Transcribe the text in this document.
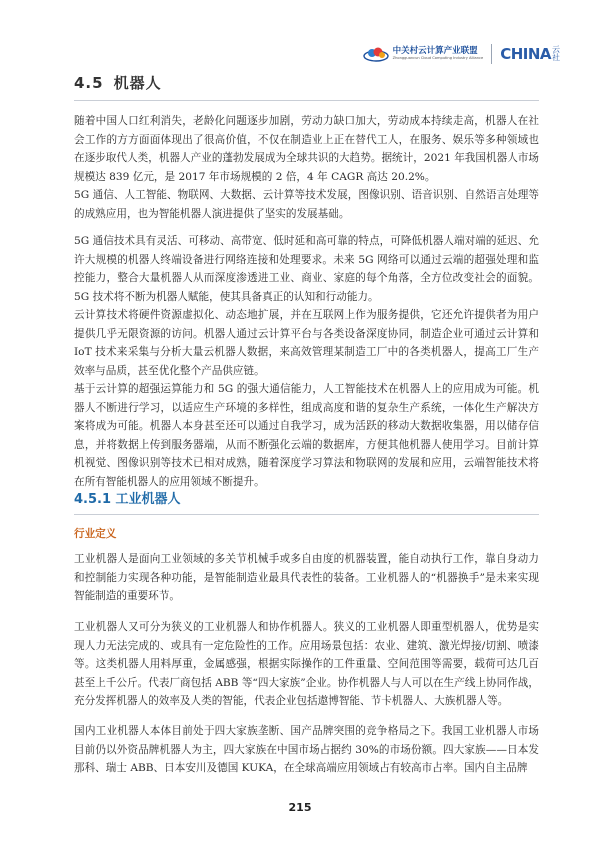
中关村云计算产业联盟
Zhongguancun Cloud Computing Industry Alliance CHINA 云社
4.5 机器人

随着中国人口红利消失，老龄化问题逐步加剧，劳动力缺口加大，劳动成本持续走高，机器人在社会工作的方方面面体现出了很高价值，不仅在制造业上正在替代工人，在服务、娱乐等多种领域也在逐步取代人类，机器人产业的蓬勃发展成为全球共识的大趋势。据统计，2021 年我国机器人市场规模达 839 亿元，是 2017 年市场规模的 2 倍，4 年 CAGR 高达 20.2%。

5G 通信、人工智能、物联网、大数据、云计算等技术发展，图像识别、语音识别、自然语言处理等的成熟应用，也为智能机器人演进提供了坚实的发展基础。

5G 通信技术具有灵活、可移动、高带宽、低时延和高可靠的特点，可降低机器人端对端的延迟、允许大规模的机器人终端设备进行网络连接和处理要求。未来 5G 网络可以通过云端的超强处理和监控能力，整合大量机器人从而深度渗透进工业、商业、家庭的每个角落，全方位改变社会的面貌。5G 技术将不断为机器人赋能，使其具备真正的认知和行动能力。

云计算技术将硬件资源虚拟化、动态地扩展，并在互联网上作为服务提供，它还允许提供者为用户提供几乎无限资源的访问。机器人通过云计算平台与各类设备深度协同，制造企业可通过云计算和 IoT 技术来采集与分析大量云机器人数据，来高效管理某制造工厂中的各类机器人，提高工厂生产效率与品质，甚至优化整个产品供应链。

基于云计算的超强运算能力和 5G 的强大通信能力，人工智能技术在机器人上的应用成为可能。机器人不断进行学习，以适应生产环境的多样性，组成高度和谐的复杂生产系统，一体化生产解决方案将成为可能。机器人本身甚至还可以通过自我学习，成为活跃的移动大数据收集器，用以储存信息，并将数据上传到服务器端，从而不断强化云端的数据库，方便其他机器人使用学习。目前计算机视觉、图像识别等技术已相对成熟，随着深度学习算法和物联网的发展和应用，云端智能技术将在所有智能机器人的应用领域不断提升。

4.5.1 工业机器人
行业定义

工业机器人是面向工业领域的多关节机械手或多自由度的机器装置，能自动执行工作，靠自身动力和控制能力实现各种功能，是智能制造业最具代表性的装备。工业机器人的“机器换手”是未来实现智能制造的重要环节。

工业机器人又可分为狭义的工业机器人和协作机器人。狭义的工业机器人即重型机器人，优势是实现人力无法完成的、或具有一定危险性的工作。应用场景包括：农业、建筑、激光焊接/切割、喷漆等。这类机器人用料厚重，金属感强，根据实际操作的工件重量、空间范围等需要，载荷可达几百甚至上千公斤。代表厂商包括 ABB 等“四大家族”企业。协作机器人与人可以在生产线上协同作战，充分发挥机器人的效率及人类的智能，代表企业包括遨博智能、节卡机器人、大族机器人等。

国内工业机器人本体目前处于四大家族垄断、国产品牌突围的竞争格局之下。我国工业机器人市场目前仍以外资品牌机器人为主，四大家族在中国市场占据约 30%的市场份额。四大家族——日本发那科、瑞士 ABB、日本安川及德国 KUKA，在全球高端应用领域占有较高市占率。国内自主品牌

215
